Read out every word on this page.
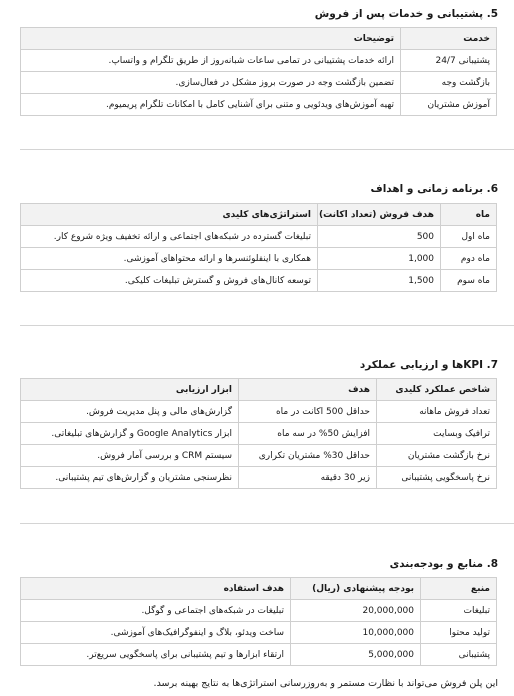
5. پشتیبانی و خدمات پس از فروش
خدمت	توضیحات
پشتیبانی 24/7	ارائه خدمات پشتیبانی در تمامی ساعات شبانه‌روز از طریق تلگرام و واتساپ.
بازگشت وجه	تضمین بازگشت وجه در صورت بروز مشکل در فعال‌سازی.
آموزش مشتریان	تهیه آموزش‌های ویدئویی و متنی برای آشنایی کامل با امکانات تلگرام پریمیوم.
6. برنامه زمانی و اهداف
ماه	هدف فروش (تعداد اکانت)	استراتژی‌های کلیدی
ماه اول	500	تبلیغات گسترده در شبکه‌های اجتماعی و ارائه تخفیف ویژه شروع کار.
ماه دوم	1,000	همکاری با اینفلوئنسرها و ارائه محتواهای آموزشی.
ماه سوم	1,500	توسعه کانال‌های فروش و گسترش تبلیغات کلیکی.
7. KPIها و ارزیابی عملکرد
شاخص عملکرد کلیدی	هدف	ابزار ارزیابی
تعداد فروش ماهانه	حداقل 500 اکانت در ماه	گزارش‌های مالی و پنل مدیریت فروش.
ترافیک وبسایت	افزایش 50% در سه ماه	ابزار Google Analytics و گزارش‌های تبلیغاتی.
نرخ بازگشت مشتریان	حداقل 30% مشتریان تکراری	سیستم CRM و بررسی آمار فروش.
نرخ پاسخگویی پشتیبانی	زیر 30 دقیقه	نظرسنجی مشتریان و گزارش‌های تیم پشتیبانی.
8. منابع و بودجه‌بندی
منبع	بودجه پیشنهادی (ریال)	هدف استفاده
تبلیغات	20,000,000	تبلیغات در شبکه‌های اجتماعی و گوگل.
تولید محتوا	10,000,000	ساخت ویدئو، بلاگ و اینفوگرافیک‌های آموزشی.
پشتیبانی	5,000,000	ارتقاء ابزارها و تیم پشتیبانی برای پاسخگویی سریع‌تر.
این پلن فروش می‌تواند با نظارت مستمر و به‌روزرسانی استراتژی‌ها به نتایج بهینه برسد.
